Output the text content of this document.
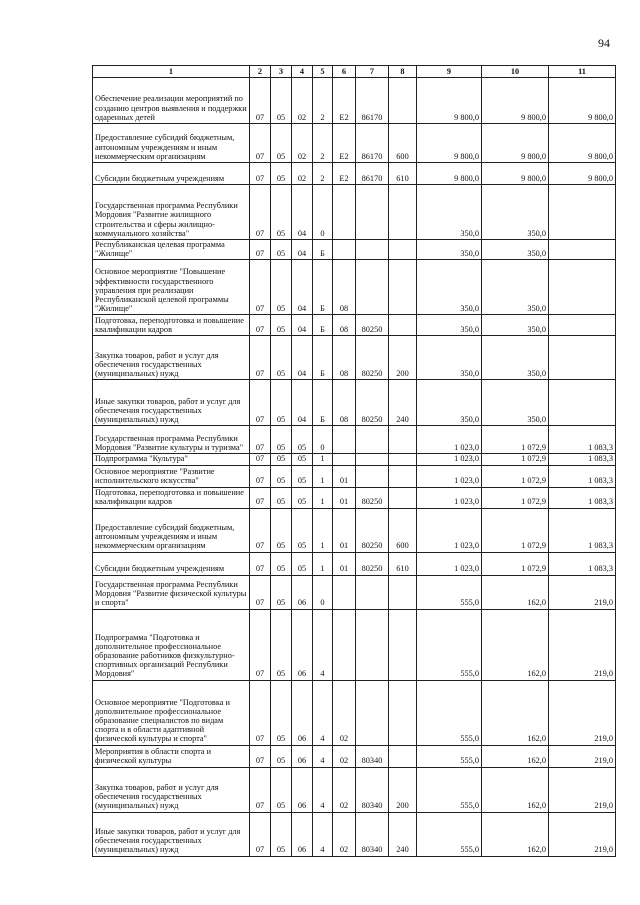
94
1	2	3	4	5	6	7	8	9	10	11
Обеспечение реализации мероприятий по созданию центров выявления и поддержки одаренных детей	07	05	02	2	Е2	86170		9 800,0	9 800,0	9 800,0
Предоставление субсидий бюджетным, автономным учреждениям и иным некоммерческим организациям	07	05	02	2	Е2	86170	600	9 800,0	9 800,0	9 800,0
Субсидии бюджетным учреждениям	07	05	02	2	Е2	86170	610	9 800,0	9 800,0	9 800,0
Государственная программа Республики Мордовия "Развитие жилищного строительства и сферы жилищно-коммунального хозяйства"	07	05	04	0				350,0	350,0	
Республиканская целевая программа "Жилище"	07	05	04	Б				350,0	350,0	
Основное мероприятие "Повышение эффективности государственного управления при реализации Республиканской целевой программы "Жилище"	07	05	04	Б	08			350,0	350,0	
Подготовка, переподготовка и повышение квалификации кадров	07	05	04	Б	08	80250		350,0	350,0	
Закупка товаров, работ и услуг для обеспечения государственных (муниципальных) нужд	07	05	04	Б	08	80250	200	350,0	350,0	
Иные закупки товаров, работ и услуг для обеспечения государственных (муниципальных) нужд	07	05	04	Б	08	80250	240	350,0	350,0	
Государственная программа Республики Мордовия "Развитие культуры и туризма"	07	05	05	0				1 023,0	1 072,9	1 083,3
Подпрограмма "Культура"	07	05	05	1				1 023,0	1 072,9	1 083,3
Основное мероприятие "Развитие исполнительского искусства"	07	05	05	1	01			1 023,0	1 072,9	1 083,3
Подготовка, переподготовка и повышение квалификации кадров	07	05	05	1	01	80250		1 023,0	1 072,9	1 083,3
Предоставление субсидий бюджетным, автономным учреждениям и иным некоммерческим организациям	07	05	05	1	01	80250	600	1 023,0	1 072,9	1 083,3
Субсидии бюджетным учреждениям	07	05	05	1	01	80250	610	1 023,0	1 072,9	1 083,3
Государственная программа Республики Мордовия "Развитие физической культуры и спорта"	07	05	06	0				555,0	162,0	219,0
Подпрограмма "Подготовка и дополнительное профессиональное образование работников физкультурно-спортивных организаций Республики Мордовия"	07	05	06	4				555,0	162,0	219,0
Основное мероприятие "Подготовка и дополнительное профессиональное образование специалистов по видам спорта и в области адаптивной физической культуры и спорта"	07	05	06	4	02			555,0	162,0	219,0
Мероприятия в области спорта и физической культуры	07	05	06	4	02	80340		555,0	162,0	219,0
Закупка товаров, работ и услуг для обеспечения государственных (муниципальных) нужд	07	05	06	4	02	80340	200	555,0	162,0	219,0
Иные закупки товаров, работ и услуг для обеспечения государственных (муниципальных) нужд	07	05	06	4	02	80340	240	555,0	162,0	219,0
